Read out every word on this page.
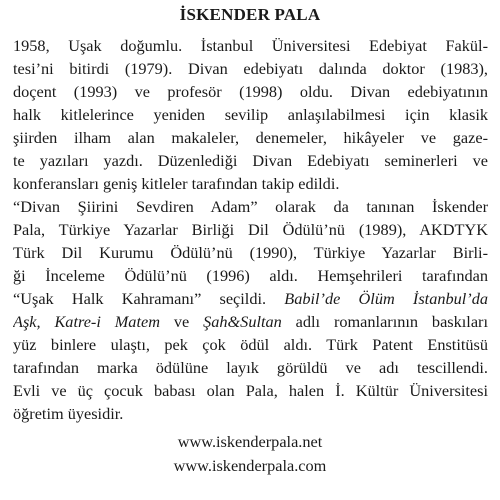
İSKENDER PALA
1958, Uşak doğumlu. İstanbul Üniversitesi Edebiyat Fakül-
tesi’ni bitirdi (1979). Divan edebiyatı dalında doktor (1983),
doçent (1993) ve profesör (1998) oldu. Divan edebiyatının
halk kitlelerince yeniden sevilip anlaşılabilmesi için klasik
şiirden ilham alan makaleler, denemeler, hikâyeler ve gaze-
te yazıları yazdı. Düzenlediği Divan Edebiyatı seminerleri ve
konferansları geniş kitleler tarafından takip edildi.
“Divan Şiirini Sevdiren Adam” olarak da tanınan İskender
Pala, Türkiye Yazarlar Birliği Dil Ödülü’nü (1989), AKDTYK
Türk Dil Kurumu Ödülü’nü (1990), Türkiye Yazarlar Birli-
ği İnceleme Ödülü’nü (1996) aldı. Hemşehrileri tarafından
“Uşak Halk Kahramanı” seçildi. Babil’de Ölüm İstanbul’da
Aşk, Katre-i Matem ve Şah&Sultan adlı romanlarının baskıları
yüz binlere ulaştı, pek çok ödül aldı. Türk Patent Enstitüsü
tarafından marka ödülüne layık görüldü ve adı tescillendi.
Evli ve üç çocuk babası olan Pala, halen İ. Kültür Üniversitesi
öğretim üyesidir.
www.iskenderpala.net
www.iskenderpala.com
